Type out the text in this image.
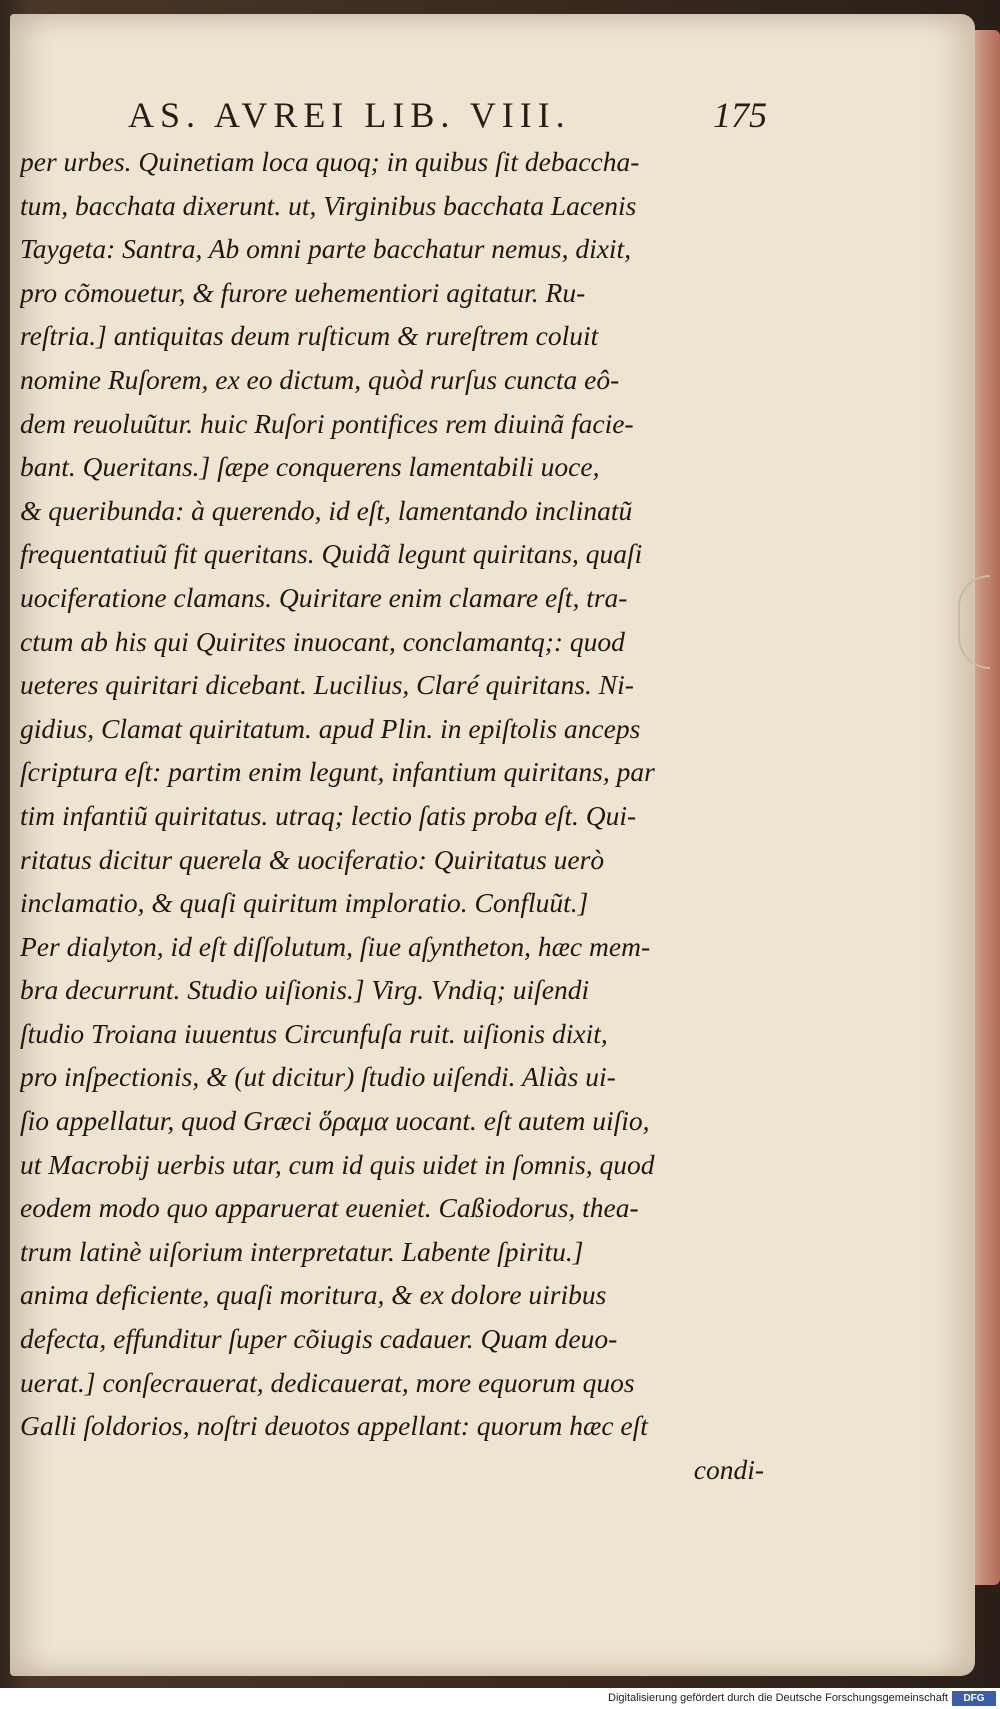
AS. AVREI LIB. VIII.	175
per urbes. Quinetiam loca quoq; in quibus ſit debaccha-
tum, bacchata dixerunt. ut, Virginibus bacchata Lacenis
Taygeta: Santra, Ab omni parte bacchatur nemus, dixit,
pro cõmouetur, & furore uehementiori agitatur. Ru-
reſtria.] antiquitas deum ruſticum & rureſtrem coluit
nomine Ruſorem, ex eo dictum, quòd rurſus cuncta eô-
dem reuoluũtur. huic Ruſori pontifices rem diuinã facie-
bant. Queritans.] ſæpe conquerens lamentabili uoce,
& queribunda: à querendo, id eſt, lamentando inclinatũ
frequentatiuũ fit queritans. Quidã legunt quiritans, quaſi
uociferatione clamans. Quiritare enim clamare eſt, tra-
ctum ab his qui Quirites inuocant, conclamantq;: quod
ueteres quiritari dicebant. Lucilius, Claré quiritans. Ni-
gidius, Clamat quiritatum. apud Plin. in epiſtolis anceps
ſcriptura eſt: partim enim legunt, infantium quiritans, par
tim infantiũ quiritatus. utraq; lectio ſatis proba eſt. Qui-
ritatus dicitur querela & uociferatio: Quiritatus uerò
inclamatio, & quaſi quiritum imploratio. Confluũt.]
Per dialyton, id eſt diſſolutum, ſiue aſyntheton, hæc mem-
bra decurrunt. Studio uiſionis.] Virg. Vndiq; uiſendi
ſtudio Troiana iuuentus Circunfuſa ruit. uiſionis dixit,
pro inſpectionis, & (ut dicitur) ſtudio uiſendi. Aliàs ui-
ſio appellatur, quod Græci ὅραμα uocant. eſt autem uiſio,
ut Macrobij uerbis utar, cum id quis uidet in ſomnis, quod
eodem modo quo apparuerat eueniet. Caßiodorus, thea-
trum latinè uiſorium interpretatur. Labente ſpiritu.]
anima deficiente, quaſi moritura, & ex dolore uiribus
defecta, effunditur ſuper cõiugis cadauer. Quam deuo-
uerat.] conſecrauerat, dedicauerat, more equorum quos
Galli ſoldorios, noſtri deuotos appellant: quorum hæc eſt
condi-
Digitalisierung gefördert durch die Deutsche Forschungsgemeinschaft	DFG
